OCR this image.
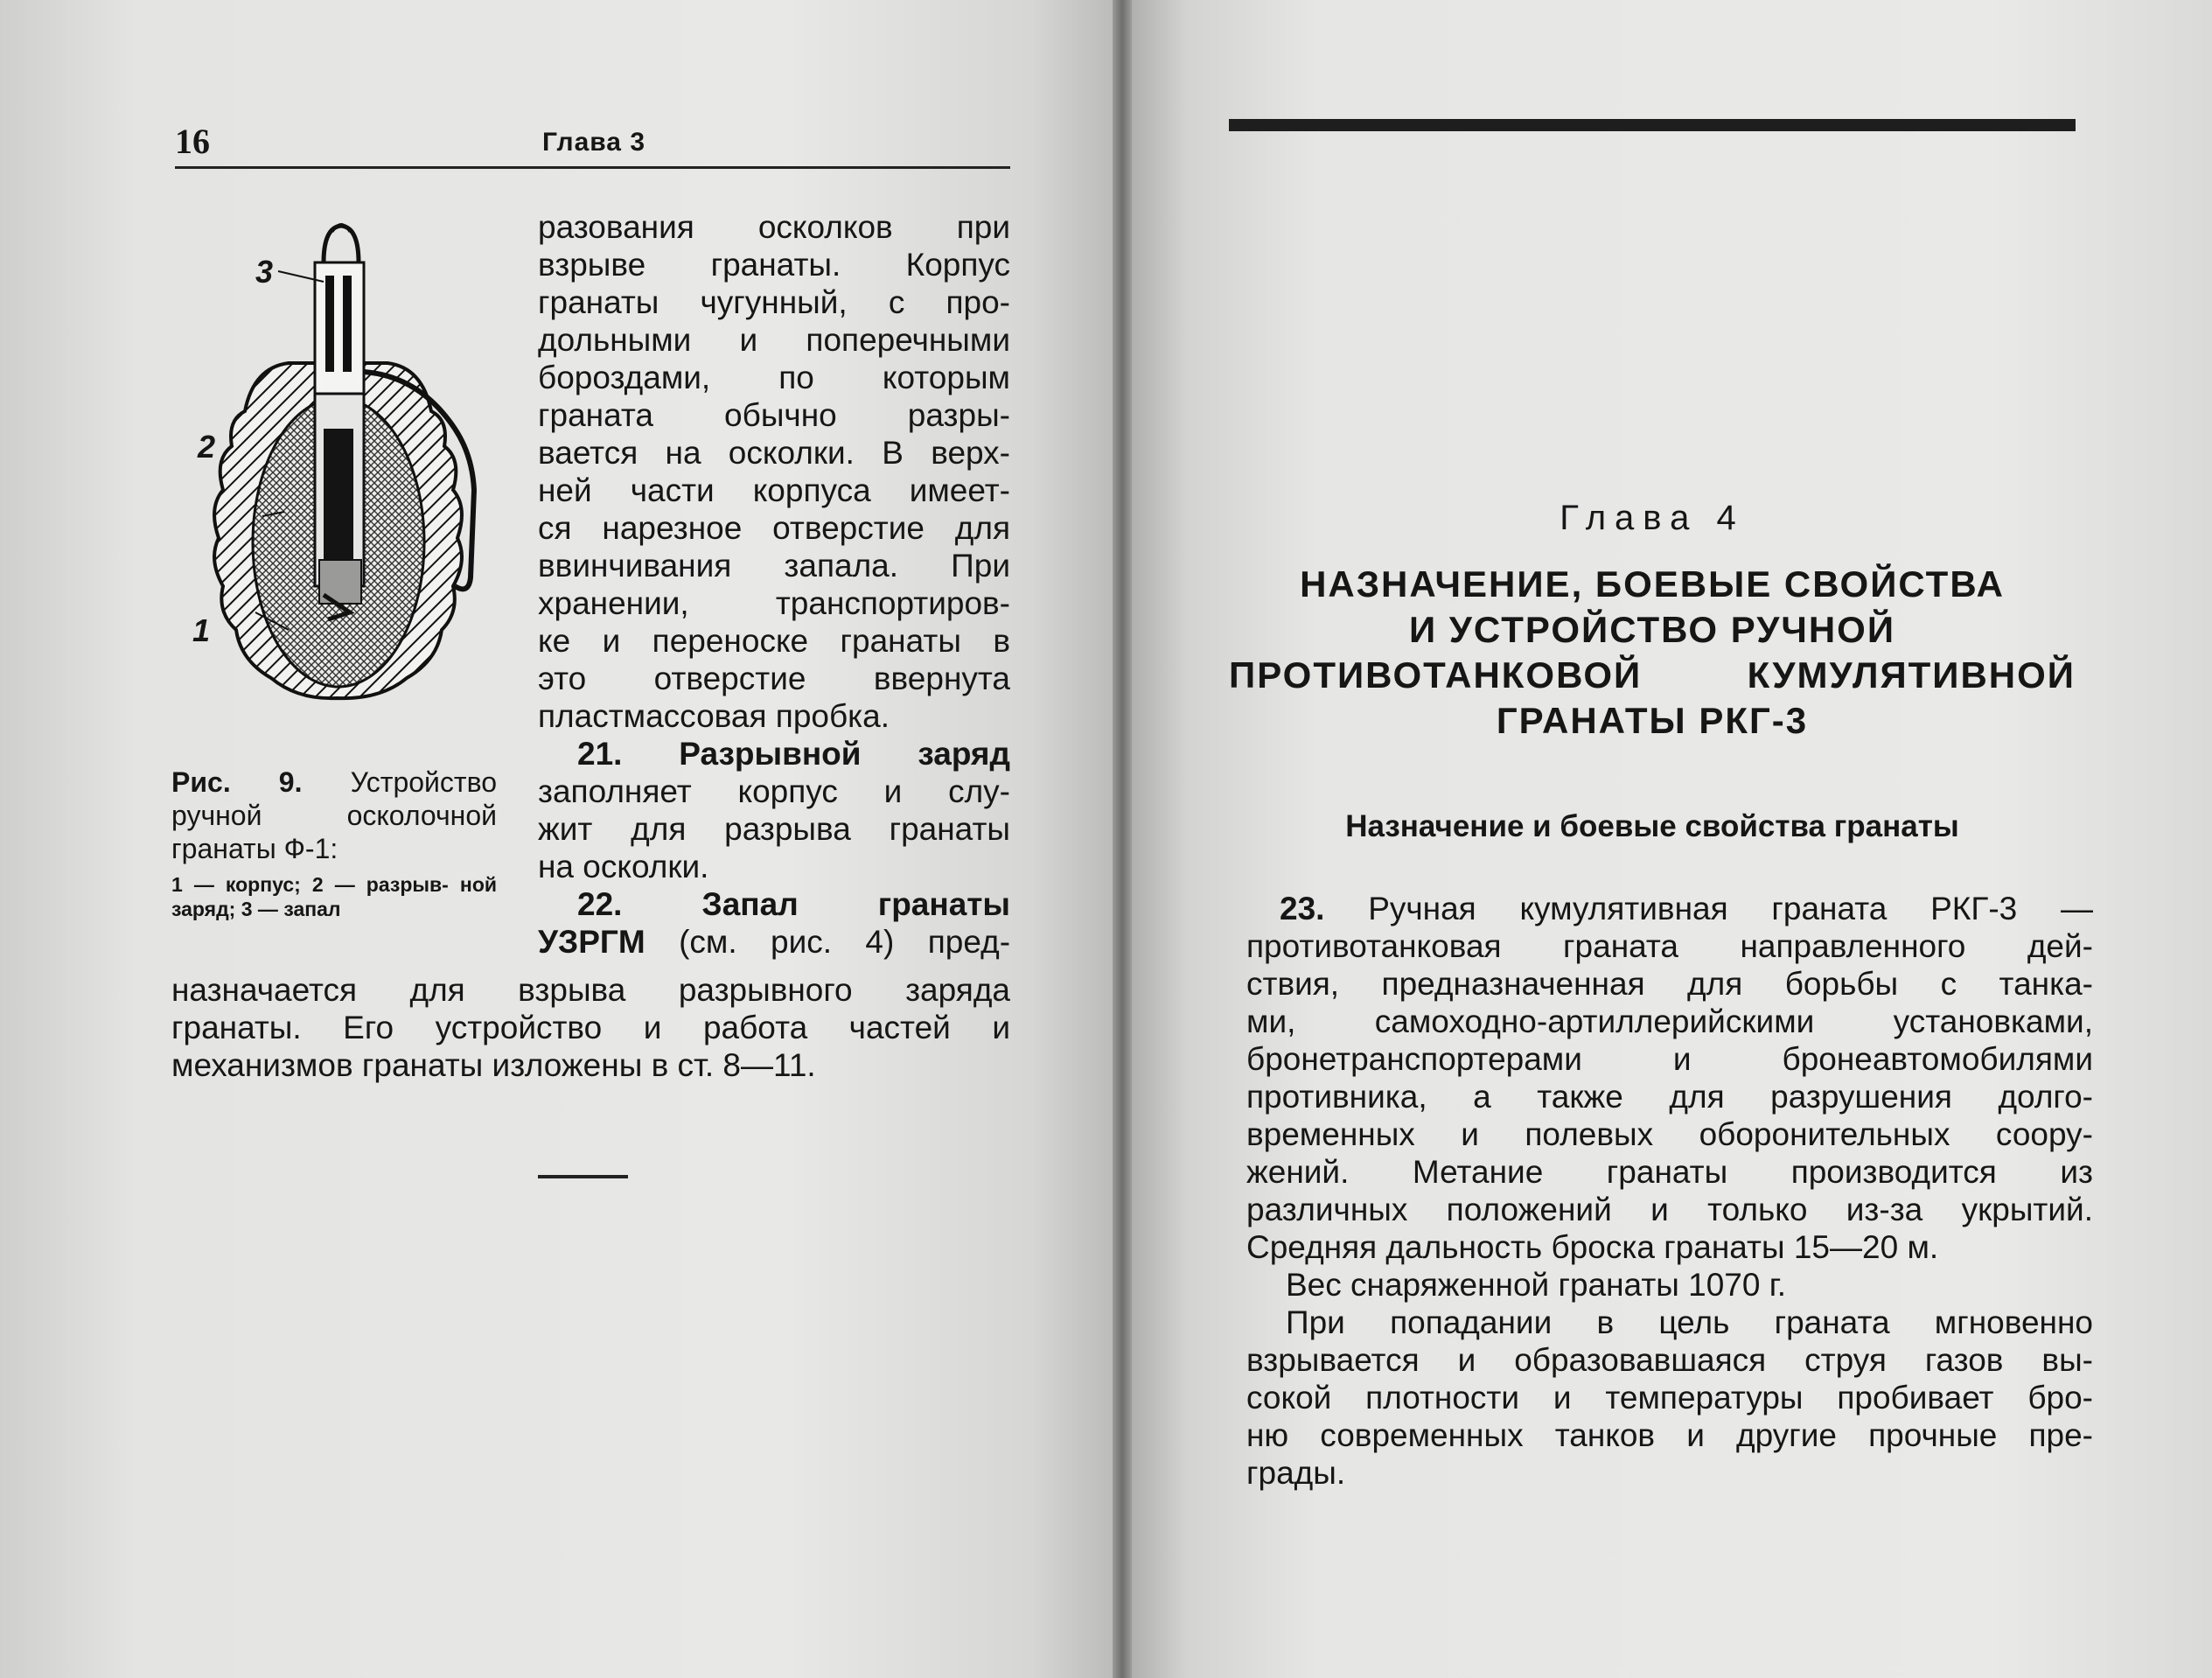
16	Глава 3
3
2
1
Рис. 9. Устройство ручной осколочной гранаты Ф-1:
1 — корпус; 2 — разрыв- ной заряд; 3 — запал
разования осколков при
взрыве гранаты. Корпус
гранаты чугунный, с про-
дольными и поперечными
бороздами, по которым
граната обычно разры-
вается на осколки. В верх-
ней части корпуса имеет-
ся нарезное отверстие для
ввинчивания запала. При
хранении, транспортиров-
ке и переноске гранаты в
это отверстие ввернута
пластмассовая пробка.
21. Разрывной заряд
заполняет корпус и слу-
жит для разрыва гранаты
на осколки.
22. Запал гранаты
УЗРГМ (см. рис. 4) пред-
назначается для взрыва разрывного заряда
гранаты. Его устройство и работа частей и
механизмов гранаты изложены в ст. 8—11.
Глава 4
НАЗНАЧЕНИЕ, БОЕВЫЕ СВОЙСТВА
И УСТРОЙСТВО РУЧНОЙ
ПРОТИВОТАНКОВОЙ КУМУЛЯТИВНОЙ
ГРАНАТЫ РКГ-3
Назначение и боевые свойства гранаты
23. Ручная кумулятивная граната РКГ-3 —
противотанковая граната направленного дей-
ствия, предназначенная для борьбы с танка-
ми, самоходно-артиллерийскими установками,
бронетранспортерами и бронеавтомобилями
противника, а также для разрушения долго-
временных и полевых оборонительных соору-
жений. Метание гранаты производится из
различных положений и только из-за укрытий.
Средняя дальность броска гранаты 15—20 м.
Вес снаряженной гранаты 1070 г.
При попадании в цель граната мгновенно
взрывается и образовавшаяся струя газов вы-
сокой плотности и температуры пробивает бро-
ню современных танков и другие прочные пре-
грады.
